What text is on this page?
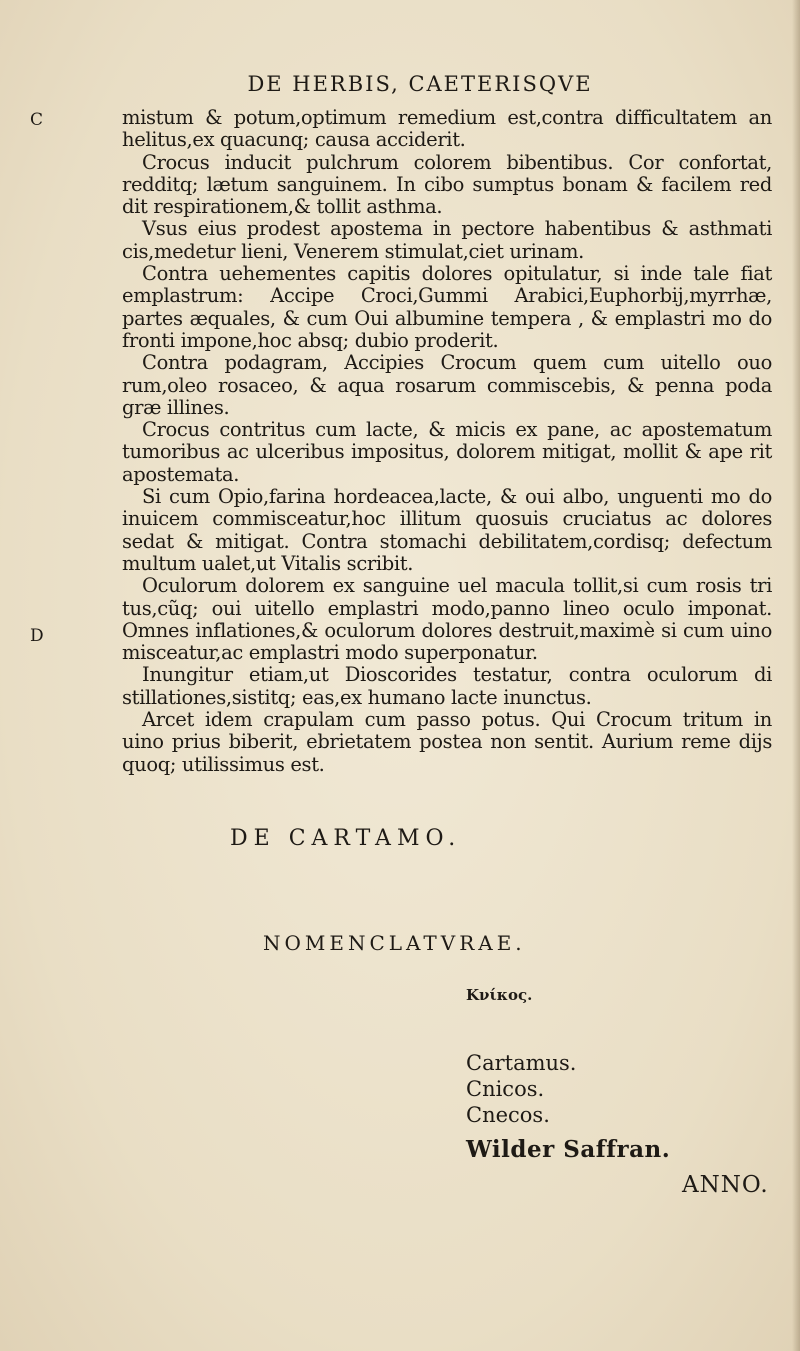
DE HERBIS, CAETERISQVE
C
D

mistum & potum,optimum remedium est,contra difficultatem an helitus,ex quacunq; causa acciderit.

Crocus inducit pulchrum colorem bibentibus. Cor confortat, redditq; lætum sanguinem. In cibo sumptus bonam & facilem red dit respirationem,& tollit asthma.

Vsus eius prodest apostema in pectore habentibus & asthmati cis,medetur lieni, Venerem stimulat,ciet urinam.

Contra uehementes capitis dolores opitulatur, si inde tale fiat emplastrum: Accipe Croci,Gummi Arabici,Euphorbij,myrrhæ, partes æquales, & cum Oui albumine tempera , & emplastri mo do fronti impone,hoc absq; dubio proderit.

Contra podagram, Accipies Crocum quem cum uitello ouo rum,oleo rosaceo, & aqua rosarum commiscebis, & penna poda græ illines.

Crocus contritus cum lacte, & micis ex pane, ac apostematum tumoribus ac ulceribus impositus, dolorem mitigat, mollit & ape rit apostemata.

Si cum Opio,farina hordeacea,lacte, & oui albo, unguenti mo do inuicem commisceatur,hoc illitum quosuis cruciatus ac dolores sedat & mitigat. Contra stomachi debilitatem,cordisq; defectum multum ualet,ut Vitalis scribit.

Oculorum dolorem ex sanguine uel macula tollit,si cum rosis tri tus,cũq; oui uitello emplastri modo,panno lineo oculo imponat. Omnes inflationes,& oculorum dolores destruit,maximè si cum uino misceatur,ac emplastri modo superponatur.

Inungitur etiam,ut Dioscorides testatur, contra oculorum di stillationes,sistitq; eas,ex humano lacte inunctus.

Arcet idem crapulam cum passo potus. Qui Crocum tritum in uino prius biberit, ebrietatem postea non sentit. Aurium reme dijs quoq; utilissimus est.

DE CARTAMO.
NOMENCLATVRAE.
Κνίκος.
Cartamus.
Cnicos.
Cnecos.
Wilder Saffran.
ANNO.
